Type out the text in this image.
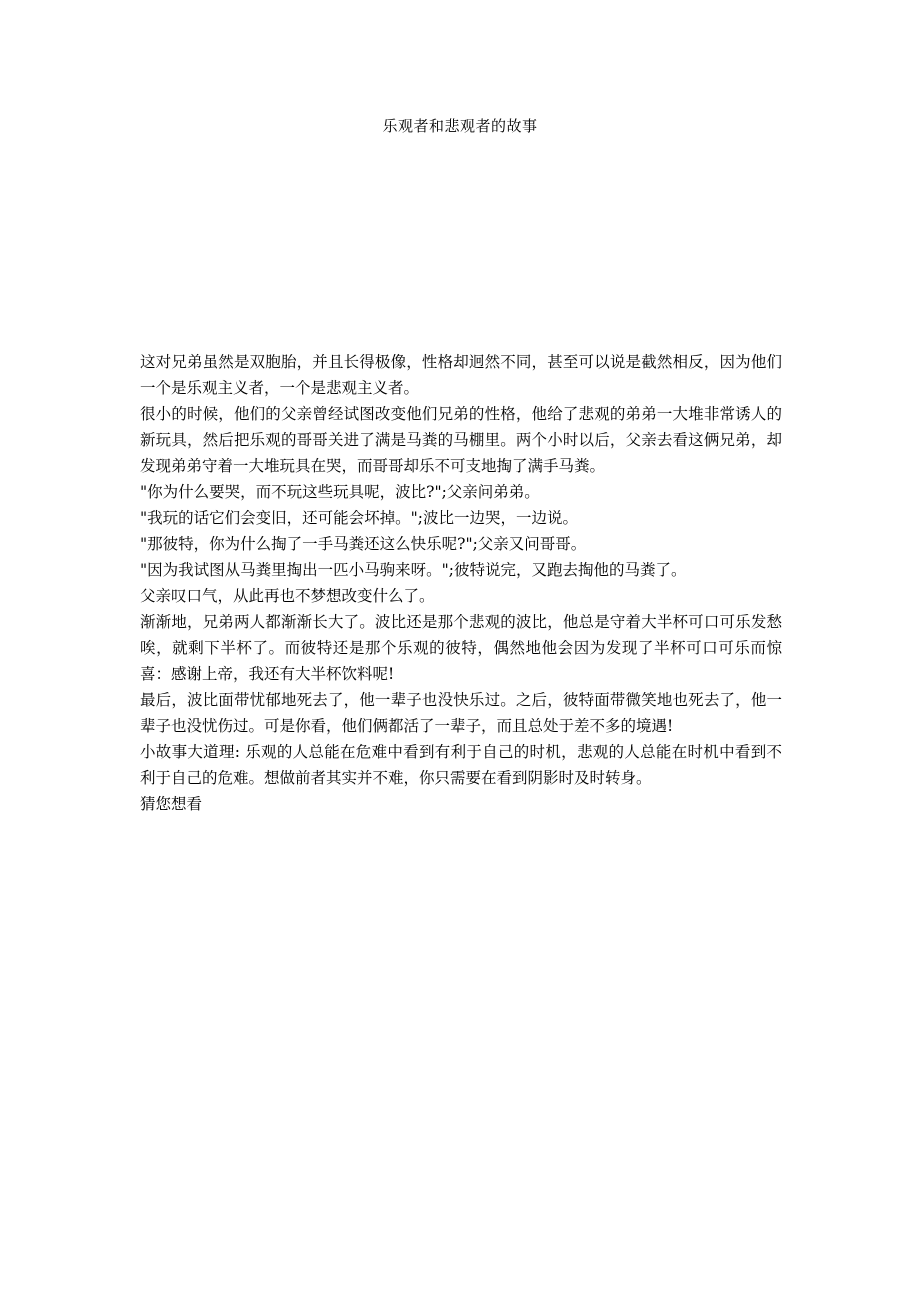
乐观者和悲观者的故事

这对兄弟虽然是双胞胎，并且长得极像，性格却迥然不同，甚至可以说是截然相反，因为他们一个是乐观主义者，一个是悲观主义者。

很小的时候，他们的父亲曾经试图改变他们兄弟的性格，他给了悲观的弟弟一大堆非常诱人的新玩具，然后把乐观的哥哥关进了满是马粪的马棚里。两个小时以后，父亲去看这俩兄弟，却发现弟弟守着一大堆玩具在哭，而哥哥却乐不可支地掏了满手马粪。

"你为什么要哭，而不玩这些玩具呢，波比?";父亲问弟弟。

"我玩的话它们会变旧，还可能会坏掉。";波比一边哭，一边说。

"那彼特，你为什么掏了一手马粪还这么快乐呢?";父亲又问哥哥。

"因为我试图从马粪里掏出一匹小马驹来呀。";彼特说完，又跑去掏他的马粪了。

父亲叹口气，从此再也不梦想改变什么了。

渐渐地，兄弟两人都渐渐长大了。波比还是那个悲观的波比，他总是守着大半杯可口可乐发愁 唉，就剩下半杯了。而彼特还是那个乐观的彼特，偶然地他会因为发现了半杯可口可乐而惊喜：感谢上帝，我还有大半杯饮料呢!

最后，波比面带忧郁地死去了，他一辈子也没快乐过。之后，彼特面带微笑地也死去了，他一辈子也没忧伤过。可是你看，他们俩都活了一辈子，而且总处于差不多的境遇!

小故事大道理: 乐观的人总能在危难中看到有利于自己的时机，悲观的人总能在时机中看到不利于自己的危难。想做前者其实并不难，你只需要在看到阴影时及时转身。

猜您想看
